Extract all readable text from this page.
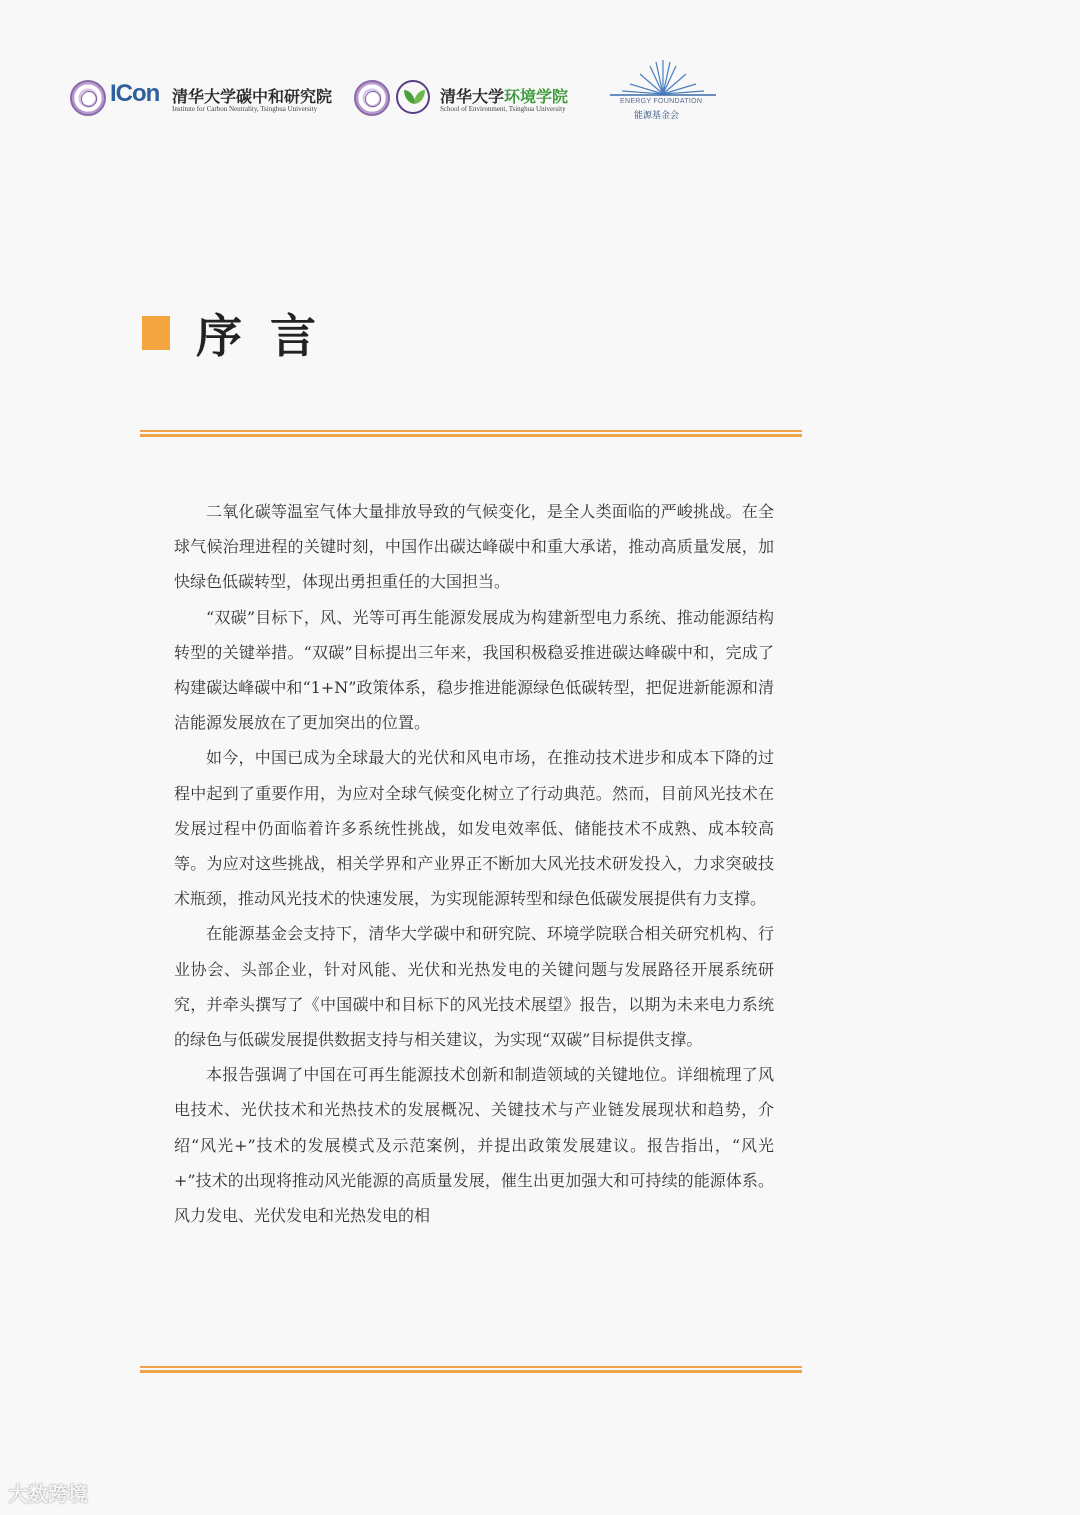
ICon 清华大学碳中和研究院
Institute for Carbon Neutrality, Tsinghua University
清华大学环境学院
School of Environment, Tsinghua University
ENERGY FOUNDATION
能源基金会
序言

二氧化碳等温室气体大量排放导致的气候变化，是全人类面临的严峻挑战。在全球气候治理进程的关键时刻，中国作出碳达峰碳中和重大承诺，推动高质量发展，加快绿色低碳转型，体现出勇担重任的大国担当。

“双碳”目标下，风、光等可再生能源发展成为构建新型电力系统、推动能源结构转型的关键举措。“双碳”目标提出三年来，我国积极稳妥推进碳达峰碳中和，完成了构建碳达峰碳中和“1+N”政策体系，稳步推进能源绿色低碳转型，把促进新能源和清洁能源发展放在了更加突出的位置。

如今，中国已成为全球最大的光伏和风电市场，在推动技术进步和成本下降的过程中起到了重要作用，为应对全球气候变化树立了行动典范。然而，目前风光技术在发展过程中仍面临着许多系统性挑战，如发电效率低、储能技术不成熟、成本较高等。为应对这些挑战，相关学界和产业界正不断加大风光技术研发投入，力求突破技术瓶颈，推动风光技术的快速发展，为实现能源转型和绿色低碳发展提供有力支撑。

在能源基金会支持下，清华大学碳中和研究院、环境学院联合相关研究机构、行业协会、头部企业，针对风能、光伏和光热发电的关键问题与发展路径开展系统研究，并牵头撰写了《中国碳中和目标下的风光技术展望》报告，以期为未来电力系统的绿色与低碳发展提供数据支持与相关建议，为实现“双碳”目标提供支撑。

本报告强调了中国在可再生能源技术创新和制造领域的关键地位。详细梳理了风电技术、光伏技术和光热技术的发展概况、关键技术与产业链发展现状和趋势，介绍“风光+”技术的发展模式及示范案例，并提出政策发展建议。报告指出，“风光+”技术的出现将推动风光能源的高质量发展，催生出更加强大和可持续的能源体系。风力发电、光伏发电和光热发电的相

大数跨境
